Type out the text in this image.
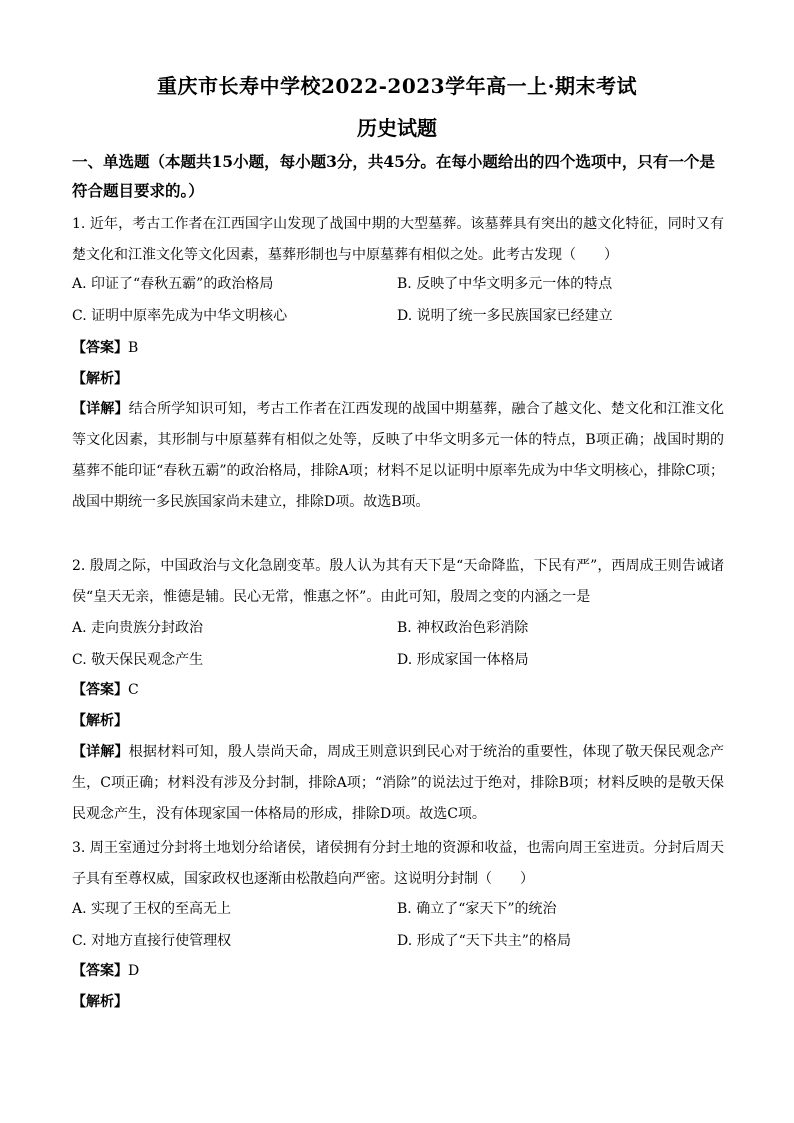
重庆市长寿中学校2022-2023学年高一上·期末考试
历史试题
一、单选题（本题共15小题，每小题3分，共45分。在每小题给出的四个选项中，只有一个是符合题目要求的。）
1. 近年，考古工作者在江西国字山发现了战国中期的大型墓葬。该墓葬具有突出的越文化特征，同时又有楚文化和江淮文化等文化因素，墓葬形制也与中原墓葬有相似之处。此考古发现（　　）
A. 印证了“春秋五霸”的政治格局	B. 反映了中华文明多元一体的特点
C. 证明中原率先成为中华文明核心	D. 说明了统一多民族国家已经建立
【答案】B
【解析】
【详解】结合所学知识可知，考古工作者在江西发现的战国中期墓葬，融合了越文化、楚文化和江淮文化等文化因素，其形制与中原墓葬有相似之处等，反映了中华文明多元一体的特点，B项正确；战国时期的墓葬不能印证“春秋五霸”的政治格局，排除A项；材料不足以证明中原率先成为中华文明核心，排除C项；战国中期统一多民族国家尚未建立，排除D项。故选B项。
2. 殷周之际，中国政治与文化急剧变革。殷人认为其有天下是“天命降监，下民有严”，西周成王则告诫诸侯“皇天无亲，惟德是辅。民心无常，惟惠之怀”。由此可知，殷周之变的内涵之一是
A. 走向贵族分封政治	B. 神权政治色彩消除
C. 敬天保民观念产生	D. 形成家国一体格局
【答案】C
【解析】
【详解】根据材料可知，殷人崇尚天命，周成王则意识到民心对于统治的重要性，体现了敬天保民观念产生，C项正确；材料没有涉及分封制，排除A项；“消除”的说法过于绝对，排除B项；材料反映的是敬天保民观念产生，没有体现家国一体格局的形成，排除D项。故选C项。
3. 周王室通过分封将土地划分给诸侯，诸侯拥有分封土地的资源和收益，也需向周王室进贡。分封后周天子具有至尊权威，国家政权也逐渐由松散趋向严密。这说明分封制（　　）
A. 实现了王权的至高无上	B. 确立了“家天下”的统治
C. 对地方直接行使管理权	D. 形成了“天下共主”的格局
【答案】D
【解析】
